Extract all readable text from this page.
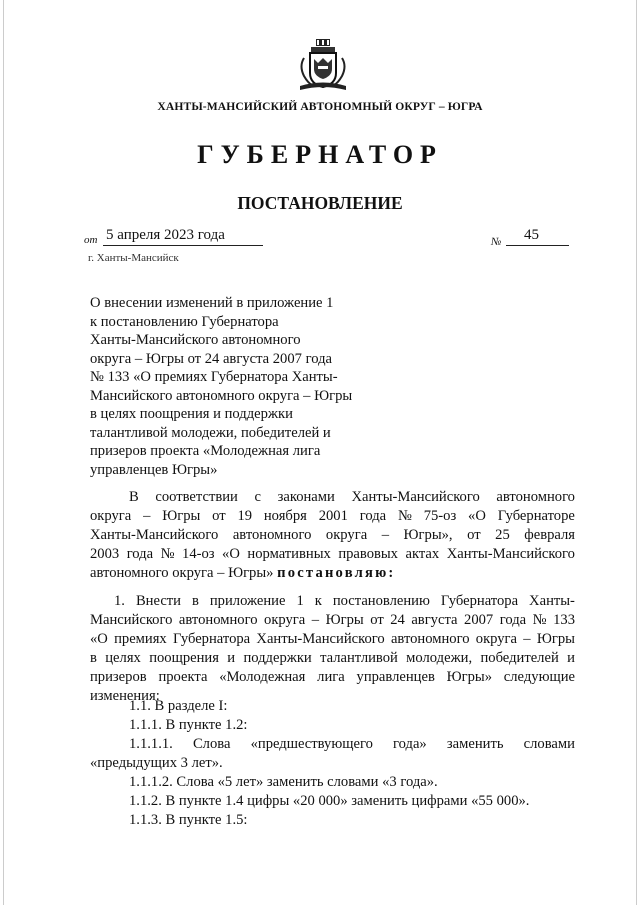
ХАНТЫ-МАНСИЙСКИЙ АВТОНОМНЫЙ ОКРУГ – ЮГРА
ГУБЕРНАТОР
ПОСТАНОВЛЕНИЕ
от 5 апреля 2023 года	№ 45
г. Ханты-Мансийск
О внесении изменений в приложение 1
к постановлению Губернатора
Ханты-Мансийского автономного
округа – Югры от 24 августа 2007 года
№ 133 «О премиях Губернатора Ханты-
Мансийского автономного округа – Югры
в целях поощрения и поддержки
талантливой молодежи, победителей и
призеров проекта «Молодежная лига
управленцев Югры»
В соответствии с законами Ханты-Мансийского автономного
округа – Югры от 19 ноября 2001 года № 75-оз «О Губернаторе
Ханты-Мансийского автономного округа – Югры», от 25 февраля
2003 года № 14-оз «О нормативных правовых актах Ханты-Мансийского
автономного округа – Югры» постановляю:
1. Внести в приложение 1 к постановлению Губернатора Ханты-
Мансийского автономного округа – Югры от 24 августа 2007 года № 133
«О премиях Губернатора Ханты-Мансийского автономного округа – Югры
в целях поощрения и поддержки талантливой молодежи, победителей и
призеров проекта «Молодежная лига управленцев Югры» следующие
изменения:
1.1. В разделе I:
1.1.1. В пункте 1.2:
1.1.1.1. Слова «предшествующего года» заменить словами
«предыдущих 3 лет».
1.1.1.2. Слова «5 лет» заменить словами «3 года».
1.1.2. В пункте 1.4 цифры «20 000» заменить цифрами «55 000».
1.1.3. В пункте 1.5:
